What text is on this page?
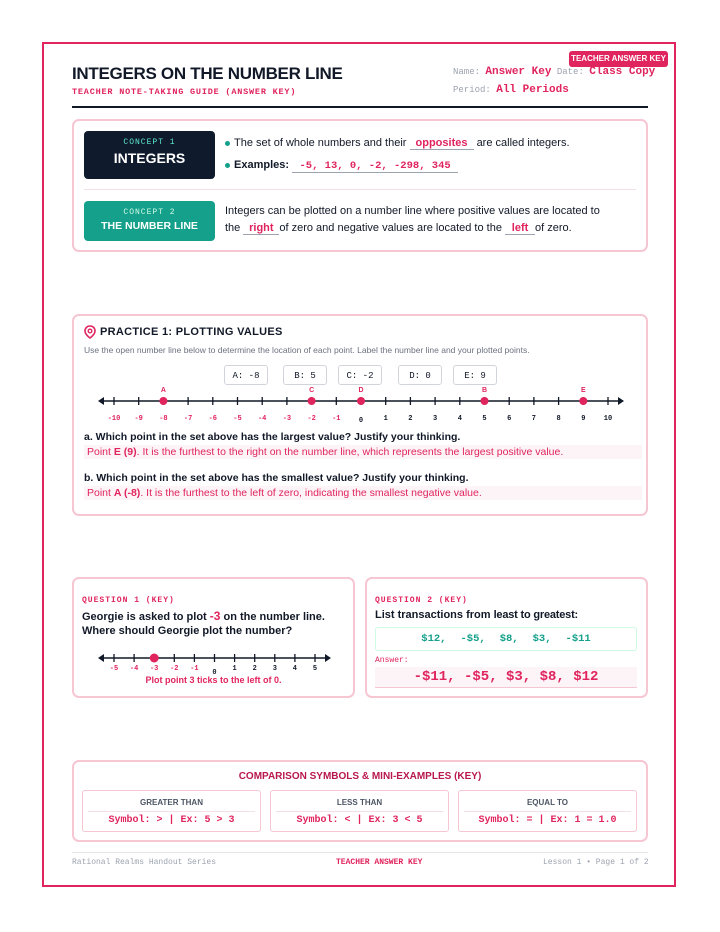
TEACHER ANSWER KEY
INTEGERS ON THE NUMBER LINE
TEACHER NOTE-TAKING GUIDE (ANSWER KEY)
Name: Answer Key Date: Class Copy
Period: All Periods
CONCEPT 1
INTEGERS
The set of whole numbers and their opposites are called integers.
Examples: -5, 13, 0, -2, -298, 345
CONCEPT 2
THE NUMBER LINE
Integers can be plotted on a number line where positive values are located to
the right of zero and negative values are located to the left of zero.
PRACTICE 1: PLOTTING VALUES
Use the open number line below to determine the location of each point. Label the number line and your plotted points.
A: -8	B: 5	C: -2	D: 0	E: 9
-10 -9 -8 -7 -6 -5 -4 -3 -2 -1	0	1	2	3	4	5	6	7	8	9	10
A	C	D	B	E
a. Which point in the set above has the largest value? Justify your thinking.
Point E (9). It is the furthest to the right on the number line, which represents the largest positive value.
b. Which point in the set above has the smallest value? Justify your thinking.
Point A (-8). It is the furthest to the left of zero, indicating the smallest negative value.
QUESTION 1 (KEY)
Georgie is asked to plot -3 on the number line.
Where should Georgie plot the number?
-5 -4 -3 -2 -1 0 1 2 3 4 5
Plot point 3 ticks to the left of 0.
QUESTION 2 (KEY)
List transactions from least to greatest:
$12, -$5, $8, $3, -$11
Answer:
-$11, -$5, $3, $8, $12
COMPARISON SYMBOLS & MINI-EXAMPLES (KEY)
GREATER THAN
Symbol: > | Ex: 5 > 3
LESS THAN
Symbol: < | Ex: 3 < 5
EQUAL TO
Symbol: = | Ex: 1 = 1.0
Rational Realms Handout Series	TEACHER ANSWER KEY	Lesson 1 • Page 1 of 2
